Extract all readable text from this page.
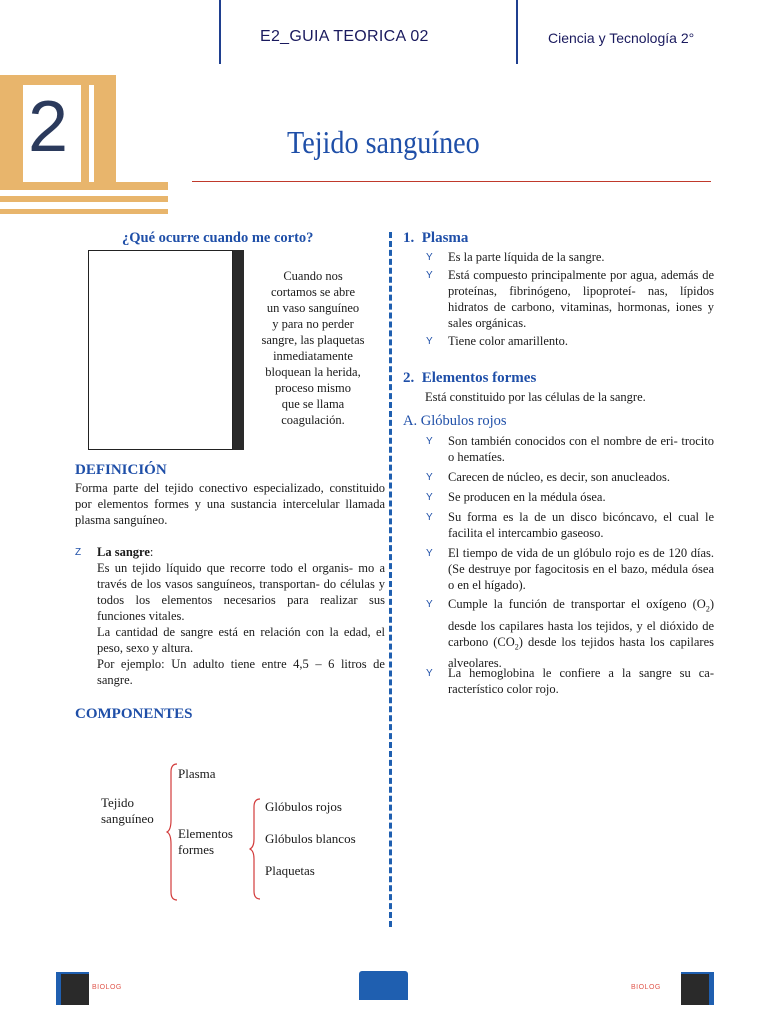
E2_GUIA TEORICA 02	Ciencia y Tecnología 2°
2	Tejido sanguíneo
¿Qué ocurre cuando me corto?
Cuando nos
cortamos se abre
un vaso sanguíneo
y para no perder
sangre, las plaquetas
inmediatamente
bloquean la herida,
proceso mismo
que se llama
coagulación.
DEFINICIÓN
Forma parte del tejido conectivo especializado, constituido por elementos formes y una sustancia intercelular llamada plasma sanguíneo.
Z La sangre:
Es un tejido líquido que recorre todo el organis- mo a través de los vasos sanguíneos, transportan- do células y todos los elementos necesarios para realizar sus funciones vitales.
La cantidad de sangre está en relación con la edad, el peso, sexo y altura.
Por ejemplo: Un adulto tiene entre 4,5 – 6 litros de sangre.
COMPONENTES
Tejido
sanguíneo
Plasma
Elementos
formes
Glóbulos rojos
Glóbulos blancos
Plaquetas
1. Plasma
Y Es la parte líquida de la sangre.
Y Está compuesto principalmente por agua, además de proteínas, fibrinógeno, lipoproteí- nas, lípidos hidratos de carbono, vitaminas, hormonas, iones y sales orgánicas.
Y Tiene color amarillento.
2. Elementos formes
Está constituido por las células de la sangre.
A. Glóbulos rojos
Y Son también conocidos con el nombre de eri- trocito o hematíes.
Y Carecen de núcleo, es decir, son anucleados.
Y Se producen en la médula ósea.
Y Su forma es la de un disco bicóncavo, el cual le facilita el intercambio gaseoso.
Y El tiempo de vida de un glóbulo rojo es de 120 días. (Se destruye por fagocitosis en el bazo, médula ósea o en el hígado).
Y Cumple la función de transportar el oxígeno $(O_2)$ desde los capilares hasta los tejidos, y el dióxido de carbono $(CO_2)$ desde los tejidos hasta los capilares alveolares.
Y La hemoglobina le confiere a la sangre su ca- racterístico color rojo.
BIOLOG	BIOLOG
